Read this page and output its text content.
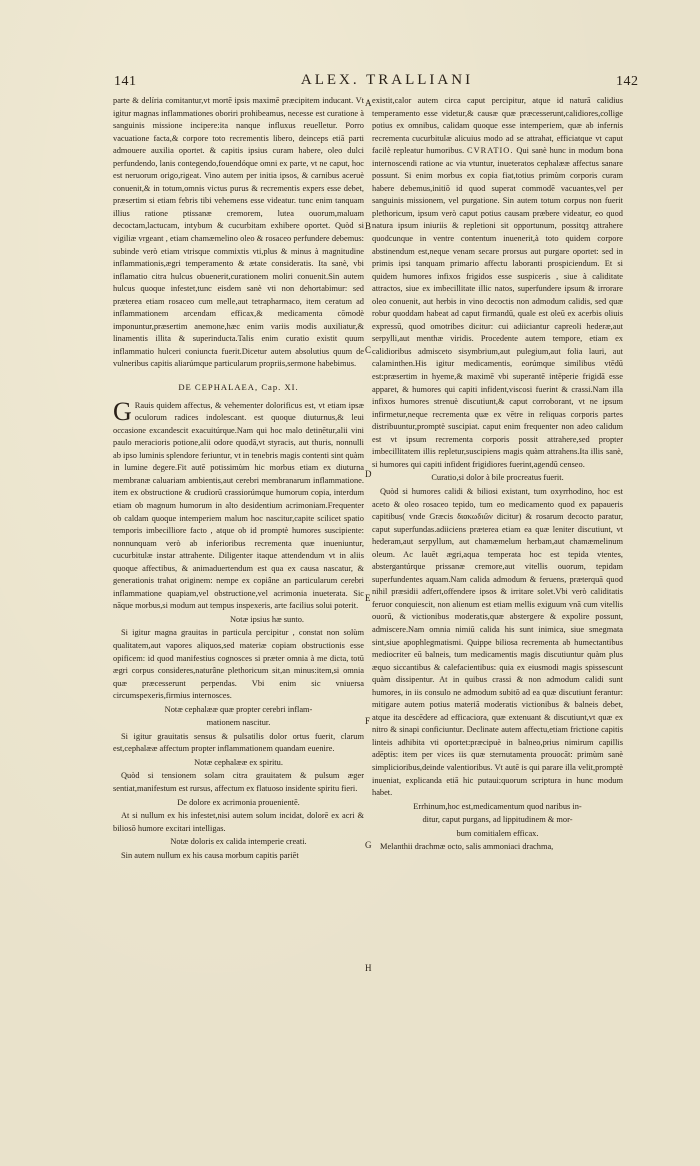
141	ALEX. TRALLIANI	142
A
B
C
D
E
F
G
H

parte & delíria comitantur,vt mortē ipsis maximē præcipitem inducant. Vt igitur magnas inflammationes oboriri prohibeamus, necesse est curatione à sanguinis missione incipere:ita nanque influxus reuelletur. Porro vacuatione facta,& corpore toto recrementis libero, deinceps etiā parti admouere auxilia oportet. & capitis ipsius curam habere, oleo dulci perfundendo, lanis contegendo,fouendóque omni ex parte, vt ne caput, hoc est neruorum origo,rigeat. Vino autem per initia ipsos, & carnibus aceruè conuenit,& in totum,omnis victus purus & recrementis expers esse debet, præsertim si etiam febris tibi vehemens esse videatur. tunc enim tanquam illius ratione ptissanæ cremorem, lutea ouorum,maluam decoctam,lactucam, intybum & cucurbitam exhibere oportet. Quòd si vigiliæ vrgeant , etiam chamæmelino oleo & rosaceo perfundere debemus: subinde verò etiam vtrisque commixtis vti,plus & minus à magnitudine inflammationis,ægri temperamento & ætate consideratis. Ita sanè, vbi inflamatio citra hulcus obuenerit,curationem moliri conuenit.Sin autem hulcus quoque infestet,tunc eisdem sanè vti non dehortabimur: sed præterea etiam rosaceo cum melle,aut tetrapharmaco, item ceratum ad inflammationem arcendam efficax,& medicamenta cōmodè imponuntur,præsertim anemone,hæc enim variis modis auxiliatur,& linamentis illita & superinducta.Talis enim curatio existit quum inflammatio hulceri coniuncta fuerit.Dicetur autem absolutius quum de vulneribus capitis aliarúmque particularum propriis,sermone habebimus.

DE CEPHALAEA, Cap. XI.

G Rauis quidem affectus, & vehementer dolorificus est, vt etiam ipsæ oculorum radices indolescant. est quoque diuturnus,& leui occasione excandescit exacuitúrque.Nam qui hoc malo detinētur,alii vini paulo meracioris potione,alii odore quodā,vt styracis, aut thuris, nonnulli ab ipso luminis splendore feriuntur, vt in tenebris magis contenti sint quàm in lumine degere.Fit autē potissimùm hic morbus etiam ex diuturna membranæ caluariam ambientis,aut cerebri membranarum inflammatione. item ex obstructione & crudiorū crassiorúmque humorum copia, interdum etiam ob magnum humorum in alto desidentium acrimoniam.Frequenter ob caldam quoque intemperiem malum hoc nascitur,capite scilicet spatio temporis imbecilliore facto , atque ob id promptè humores suscipiente: nonnunquam verò ab inferioribus recrementa quæ inueniuntur, cucurbitulæ instar attrahente. Diligenter itaque attendendum vt in aliis quoque affectibus, & animaduertendum est qua ex causa nascatur, & generationis trahat originem: nempe ex copiâne an particularum cerebri inflammatione quapiam,vel obstructione,vel acrimonia inueterata. Sic nāque morbus,si modum aut tempus inspexeris, arte facilius solui poterit.

Notæ ipsius hæ sunto.

Si igitur magna grauitas in particula percipitur , constat non solùm qualitatem,aut vapores aliquos,sed materiæ copiam obstructionis esse opificem: id quod manifestius cognosces si præter omnia à me dicta, totū ægri corpus consideres,naturâne plethoricum sit,an minus:item,si omnia quæ præcesserunt perpendas. Vbi enim sic vniuersa circumspexeris,firmius internosces.

Notæ cephalææ quæ propter cerebri inflam-

mationem nascitur.

Si igitur grauitatis sensus & pulsatilis dolor ortus fuerit, clarum est,cephalææ affectum propter inflammationem quandam euenire.

Notæ cephalææ ex spiritu.

Quòd si tensionem solam citra grauitatem & pulsum æger sentiat,manifestum est rursus, affectum ex flatuoso insidente spiritu fieri.

De dolore ex acrimonia prouenientē.

At si nullum ex his infestet,nisi autem solum incidat, dolorē ex acri & biliosō humore excitari intelligas.

Notæ doloris ex calida intemperie creati.

Sin autem nullum ex his causa morbum capitis pariēt

existit,calor autem circa caput percipitur, atque id naturā calidius temperamento esse videtur,& causæ quæ præcesserunt,calidiores,collige potius ex omnibus, calidam quoque esse intemperiem, quæ ab infernis recrementa cucurbitulæ alicuius modo ad se attrahat, efficiatque vt caput facilè repleatur humoribus. CVRATIO. Qui sanè hunc in modum bona internoscendi ratione ac via vtuntur, inueteratos cephalææ affectus sanare possunt. Si enim morbus ex copia fiat,totius primùm corporis curam habere debemus,initiō id quod superat commodē vacuantes,vel per sanguinis missionem, vel purgatione. Sin autem totum corpus non fuerit plethoricum, ipsum verò caput potius causam præbere videatur, eo quod natura ipsum iniuriis & repletioni sit opportunum, possitqȝ attrahere quodcunque in ventre contentum inuenerit,à toto quidem corpore abstinendum est,neque venam secare prorsus aut purgare oportet: sed in primis ipsi tanquam primario affectu laboranti prospiciendum. Et si quidem humores infixos frigidos esse suspiceris , siue à caliditate attractos, siue ex imbecillitate illic natos, superfundere ipsum & irrorare oleo conuenit, aut herbis in vino decoctis non admodum calidis, sed quæ robur quoddam habeat ad caput firmandū, quale est oleū ex acerbis oliuis expressū, quod omotribes dicitur: cui adiiciantur capreoli hederæ,aut serpylli,aut menthæ viridis. Procedente autem tempore, etiam ex calidioribus admisceto sisymbrium,aut pulegium,aut folia lauri, aut calaminthen.His igitur medicamentis, eorúmque similibus vtēdū est:præsertim in hyeme,& maximē vbi superantē intēperie frigidā esse apparet, & humores qui capiti infident,viscosi fuerint & crassi.Nam illa infixos humores strenuè discutiunt,& caput corroborant, vt ne ipsum infirmetur,neque recrementa quæ ex vētre in reliquas corporis partes distribuuntur,promptè suscipiat. caput enim frequenter non adeo calidum est vt ipsum recrementa corporis possit attrahere,sed propter imbecillitatem illis repletur,suscipiens magis quàm attrahens.Ita illis sanè, si humores qui capiti infident frigidiores fuerint,agendū censeo.

Curatio,si dolor à bile procreatus fuerit.

Quòd si humores calidi & biliosi existant, tum oxyrrhodino, hoc est aceto & oleo rosaceo tepido, tum eo medicamento quod ex papaueris capitibus( vnde Græcis διακωδιῶν dicitur) & rosarum decocto paratur, caput superfundas.adiiciens præterea etiam ea quæ leniter discutiunt, vt hederam,aut serpyllum, aut chamæmelum herbam,aut chamæmelinum oleum. Ac lauēt ægri,aqua temperata hoc est tepida vtentes, abstergantúrque prissanæ cremore,aut vitellis ouorum, tepidam superfundentes aquam.Nam calida admodum & feruens, præterquā quod nihil præsidii adfert,offendere ipsos & irritare solet.Vbi verò caliditatis feruor conquiescit, non alienum est etiam mellis exiguum vnā cum vitellis ouorū, & victionibus moderatis,quæ abstergere & expolire possunt, admiscere.Nam omnia nimiū calida his sunt inimica, siue smegmata sint,siue apophlegmatismi. Quippe biliosa recrementa ab humectantibus mediocriter eū balneis, tum medicamentis magis discutiuntur quàm plus æquo siccantibus & calefacientibus: quia ex eiusmodi magis spissescunt quàm dissipentur. At in quibus crassi & non admodum calidi sunt humores, in iis consulo ne admodum subitō ad ea quæ discutiunt ferantur: mitigare autem potius materiā moderatis victionibus & balneis debet, atque ita descēdere ad efficaciora, quæ extenuant & discutiunt,vt quæ ex nitro & sinapi conficiuntur. Declinate autem affectu,etiam frictione capitis linteis adhibita vti oportet:præcipuè in balneo,prius nimirum capillis adēptis: item per vices iis quæ sternutamenta prouocāt: primùm sanè simplicioribus,deinde valentioribus. Vt autē is qui parare illa velit,promptè inueniat, explicanda etiā hic putaui:quorum scriptura in hunc modum habet.

Errhinum,hoc est,medicamentum quod naribus in-

ditur, caput purgans, ad lippitudinem & mor-

bum comitialem efficax.

Melanthii drachmæ octo, salis ammoniaci drachma,
